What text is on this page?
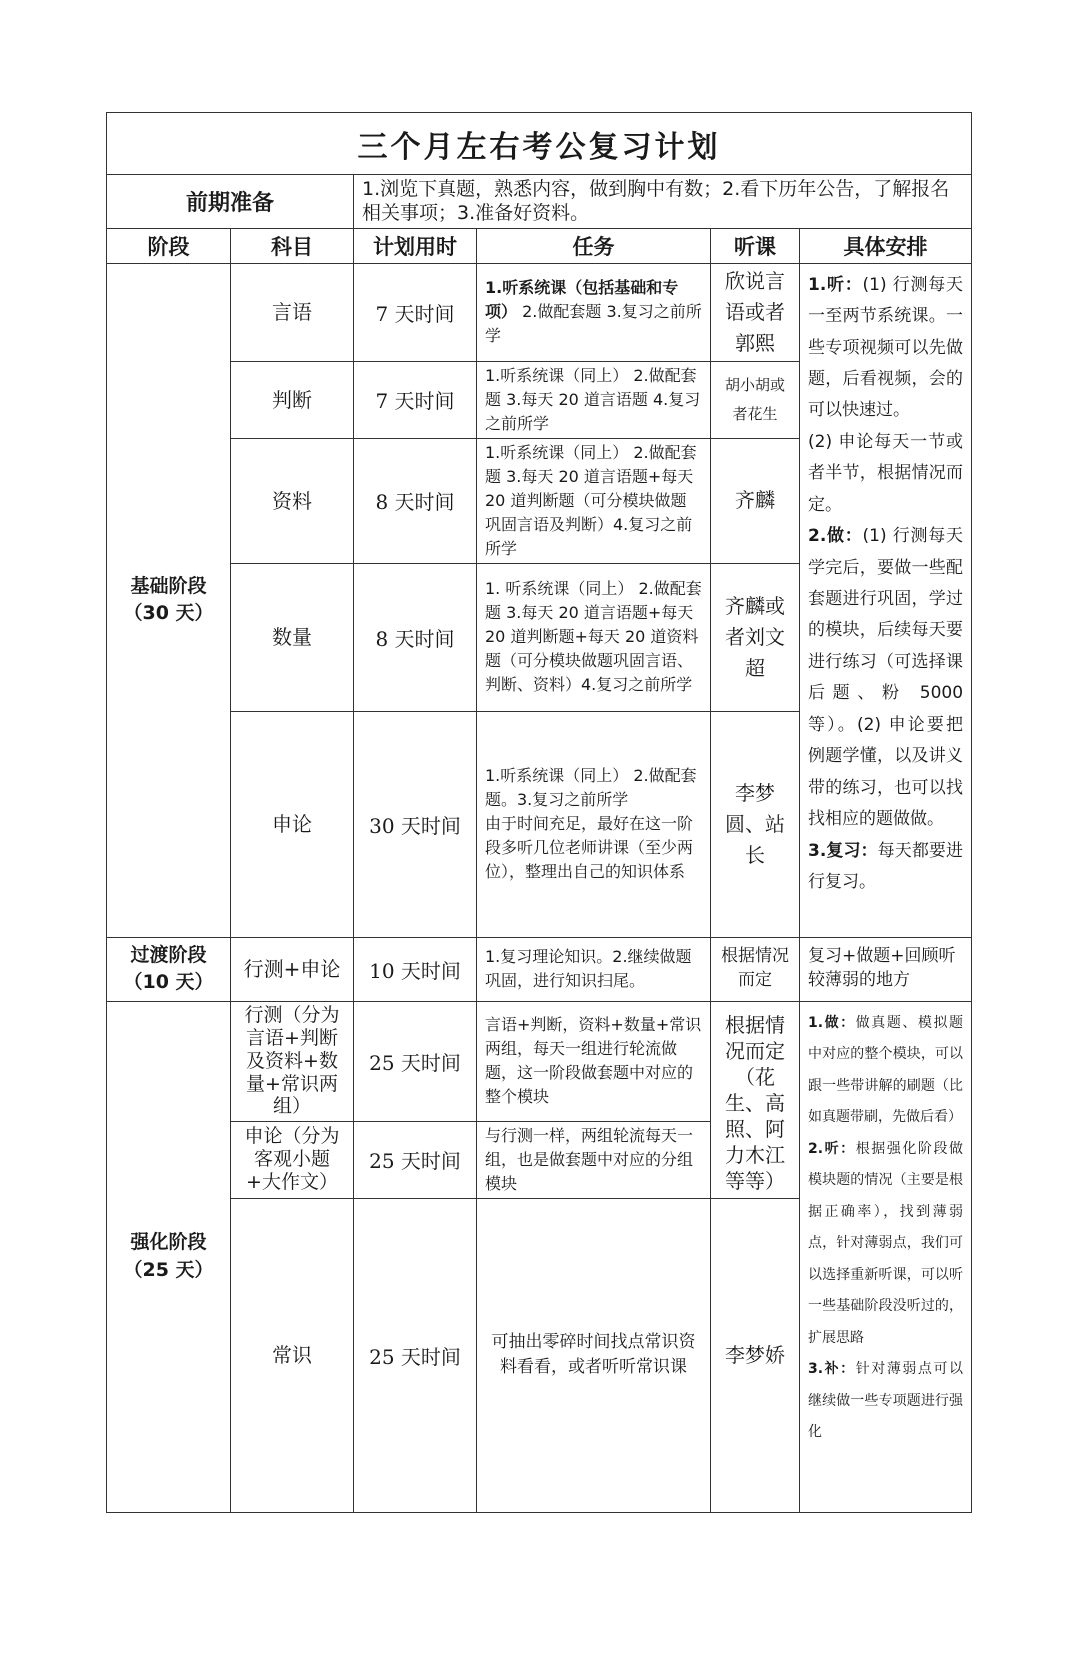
三个月左右考公复习计划					
前期准备		1.浏览下真题，熟悉内容，做到胸中有数；2.看下历年公告，了解报名相关事项；3.准备好资料。			
阶段	科目	计划用时	任务	听课	具体安排

基础阶段
（30 天）	言语	7 天时间	1.听系统课（包括基础和专项） 2.做配套题 3.复习之前所学	欣说言语或者郭熙	1.听：(1) 行测每天一至两节系统课。一些专项视频可以先做题，后看视频，会的可以快速过。
(2) 申论每天一节或者半节，根据情况而定。
2.做：(1) 行测每天学完后，要做一些配套题进行巩固，学过的模块，后续每天要进行练习（可选择课后题、粉 5000 等）。(2) 申论要把例题学懂，以及讲义带的练习，也可以找找相应的题做做。
3.复习：每天都要进行复习。
	判断	7 天时间	1.听系统课（同上） 2.做配套题 3.每天 20 道言语题 4.复习之前所学	胡小胡或者花生	
	资料	8 天时间	1.听系统课（同上） 2.做配套题 3.每天 20 道言语题+每天 20 道判断题（可分模块做题巩固言语及判断）4.复习之前所学	齐麟	
	数量	8 天时间	1. 听系统课（同上） 2.做配套题 3.每天 20 道言语题+每天 20 道判断题+每天 20 道资料题（可分模块做题巩固言语、判断、资料）4.复习之前所学	齐麟或者刘文超	
	申论	30 天时间	1.听系统课（同上） 2.做配套题。3.复习之前所学
由于时间充足，最好在这一阶段多听几位老师讲课（至少两位），整理出自己的知识体系	李梦圆、站长	

过渡阶段
（10 天）	行测+申论	10 天时间	1.复习理论知识。2.继续做题巩固，进行知识扫尾。	根据情况而定	复习+做题+回顾听较薄弱的地方

强化阶段
（25 天）	行测（分为言语+判断及资料+数量+常识两组）	25 天时间	言语+判断，资料+数量+常识两组，每天一组进行轮流做题，这一阶段做套题中对应的整个模块	根据情况而定（花生、高照、阿力木江等等）	1.做：做真题、模拟题中对应的整个模块，可以跟一些带讲解的刷题（比如真题带刷，先做后看）
2.听：根据强化阶段做模块题的情况（主要是根据正确率），找到薄弱点，针对薄弱点，我们可以选择重新听课，可以听一些基础阶段没听过的，扩展思路
3.补：针对薄弱点可以继续做一些专项题进行强化
	申论（分为客观小题+大作文）	25 天时间	与行测一样，两组轮流每天一组，也是做套题中对应的分组模块		
	常识	25 天时间	可抽出零碎时间找点常识资料看看，或者听听常识课	李梦娇	
